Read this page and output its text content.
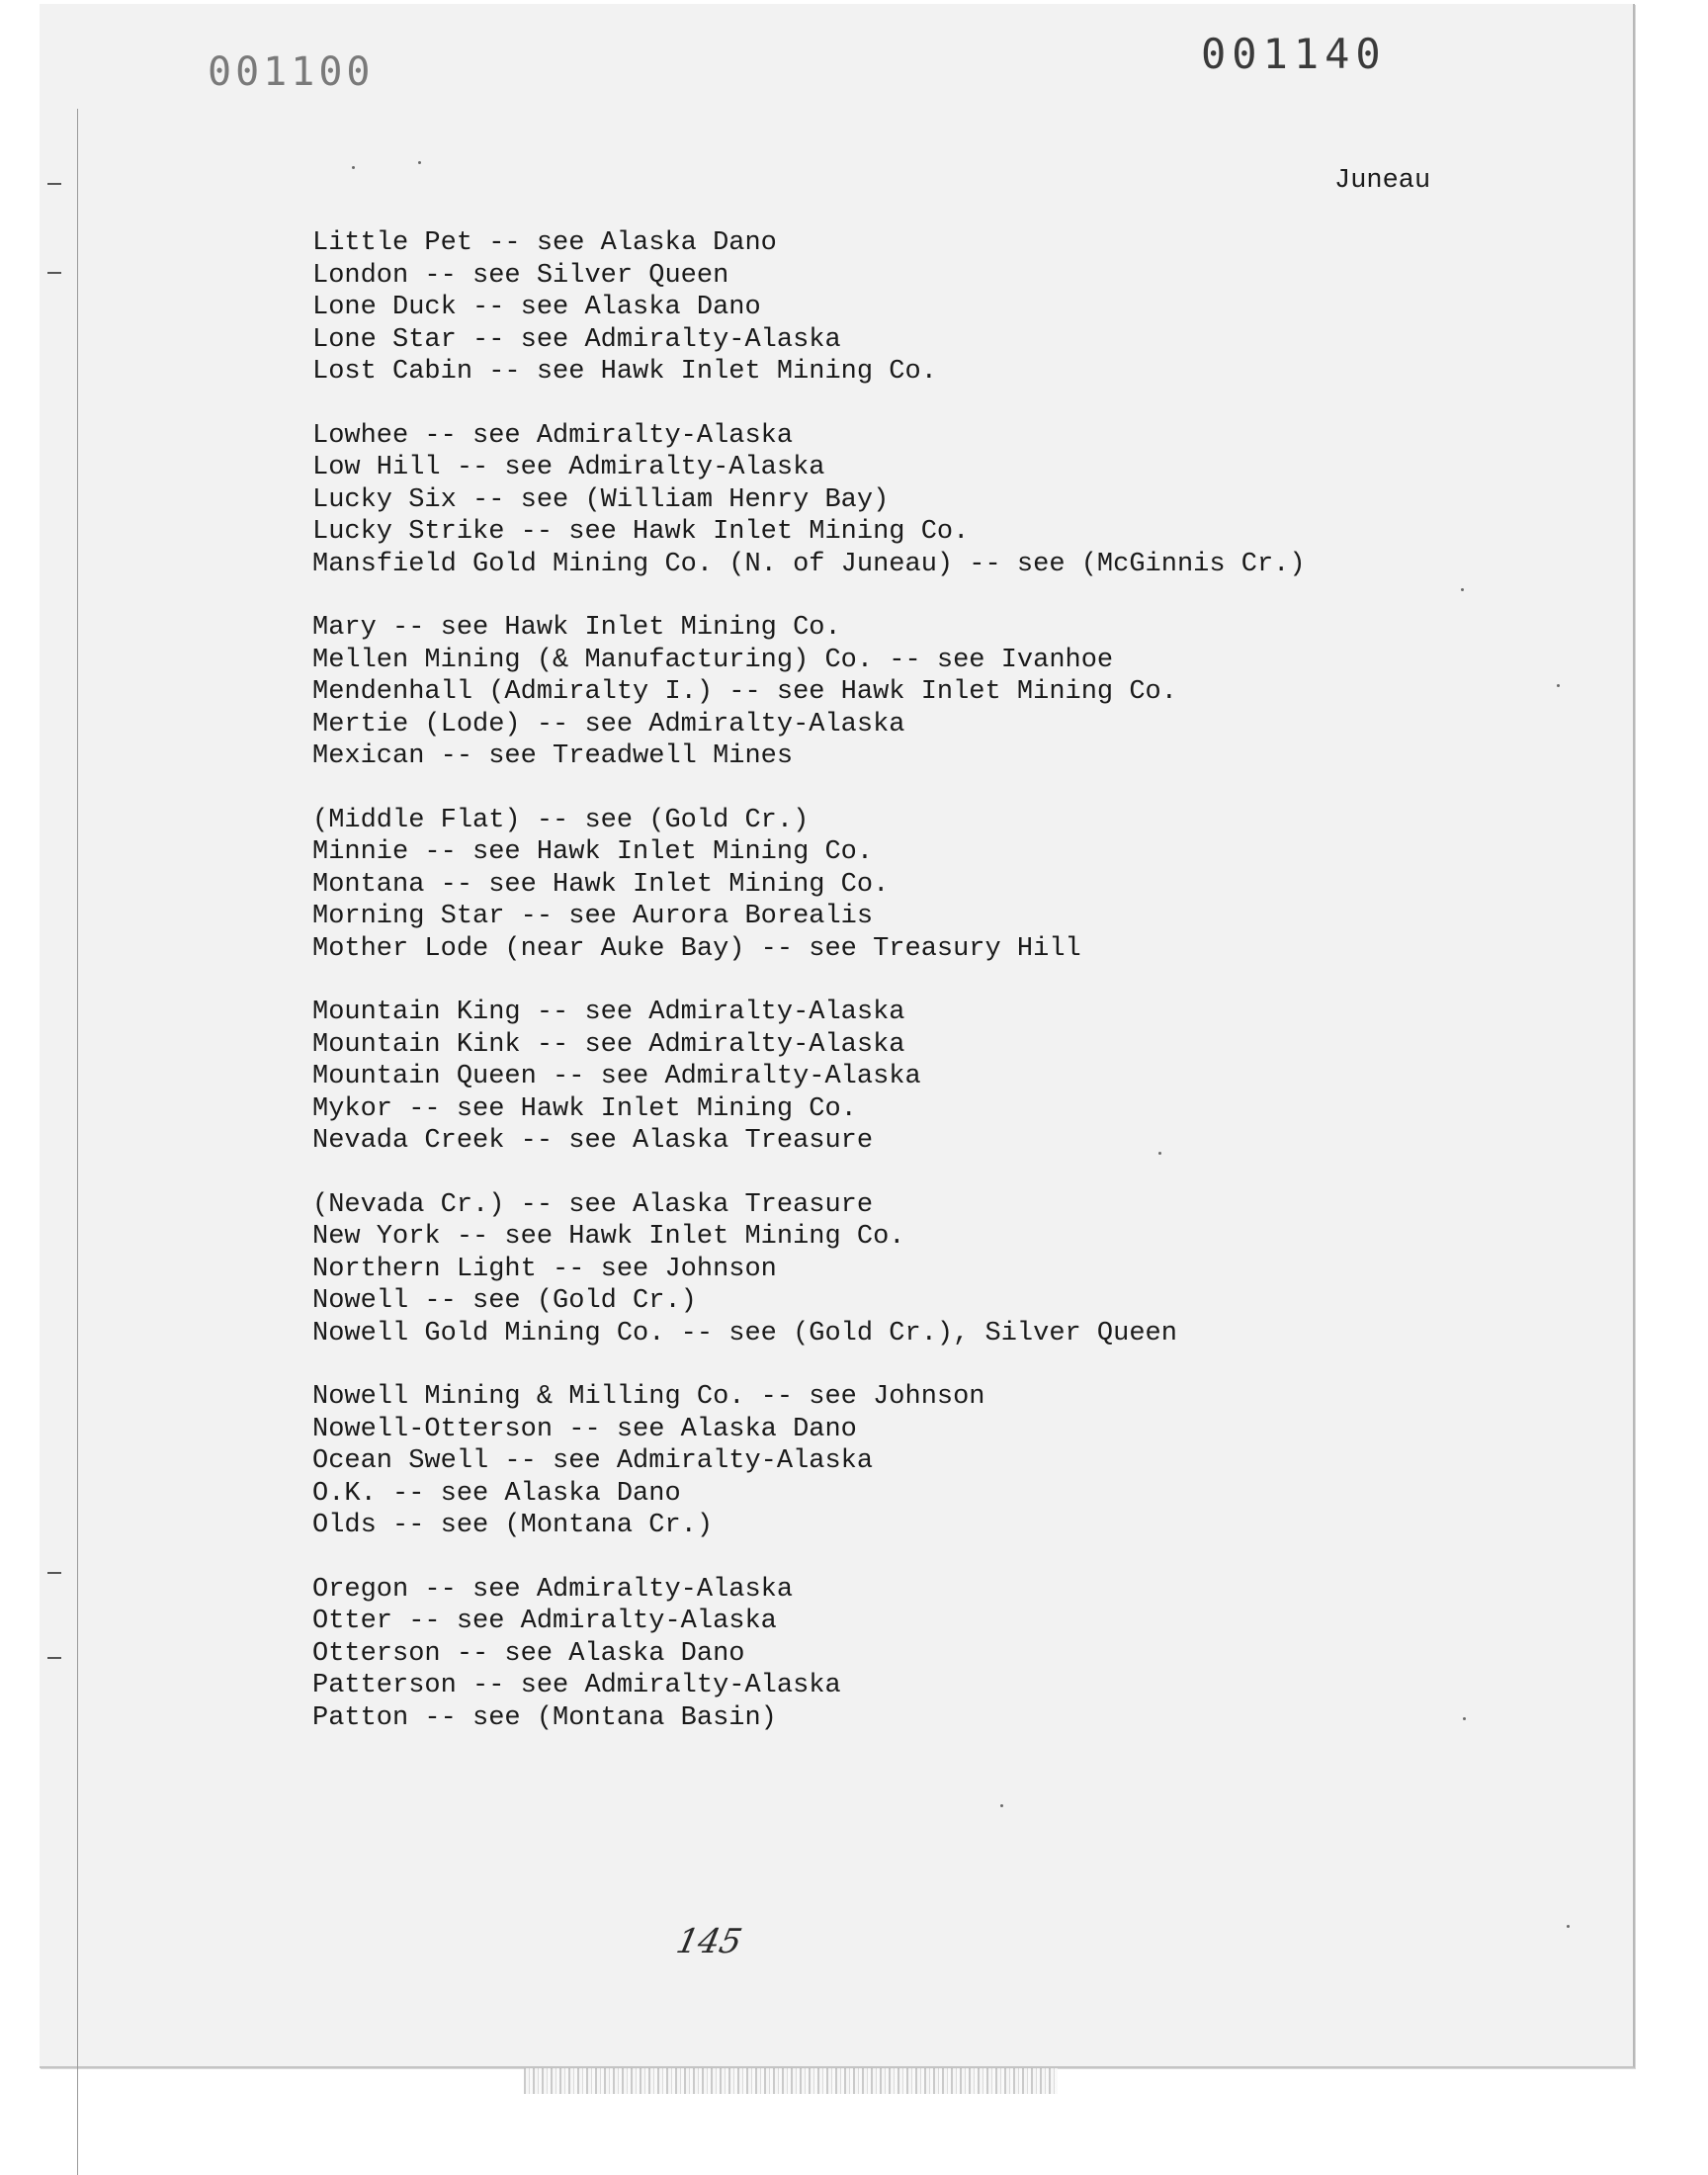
001100	001140
Juneau
Little Pet -- see Alaska Dano
London -- see Silver Queen
Lone Duck -- see Alaska Dano
Lone Star -- see Admiralty-Alaska
Lost Cabin -- see Hawk Inlet Mining Co.
Lowhee -- see Admiralty-Alaska
Low Hill -- see Admiralty-Alaska
Lucky Six -- see (William Henry Bay)
Lucky Strike -- see Hawk Inlet Mining Co.
Mansfield Gold Mining Co. (N. of Juneau) -- see (McGinnis Cr.)
Mary -- see Hawk Inlet Mining Co.
Mellen Mining (& Manufacturing) Co. -- see Ivanhoe
Mendenhall (Admiralty I.) -- see Hawk Inlet Mining Co.
Mertie (Lode) -- see Admiralty-Alaska
Mexican -- see Treadwell Mines
(Middle Flat) -- see (Gold Cr.)
Minnie -- see Hawk Inlet Mining Co.
Montana -- see Hawk Inlet Mining Co.
Morning Star -- see Aurora Borealis
Mother Lode (near Auke Bay) -- see Treasury Hill
Mountain King -- see Admiralty-Alaska
Mountain Kink -- see Admiralty-Alaska
Mountain Queen -- see Admiralty-Alaska
Mykor -- see Hawk Inlet Mining Co.
Nevada Creek -- see Alaska Treasure
(Nevada Cr.) -- see Alaska Treasure
New York -- see Hawk Inlet Mining Co.
Northern Light -- see Johnson
Nowell -- see (Gold Cr.)
Nowell Gold Mining Co. -- see (Gold Cr.), Silver Queen
Nowell Mining & Milling Co. -- see Johnson
Nowell-Otterson -- see Alaska Dano
Ocean Swell -- see Admiralty-Alaska
O.K. -- see Alaska Dano
Olds -- see (Montana Cr.)
Oregon -- see Admiralty-Alaska
Otter -- see Admiralty-Alaska
Otterson -- see Alaska Dano
Patterson -- see Admiralty-Alaska
Patton -- see (Montana Basin)
145
